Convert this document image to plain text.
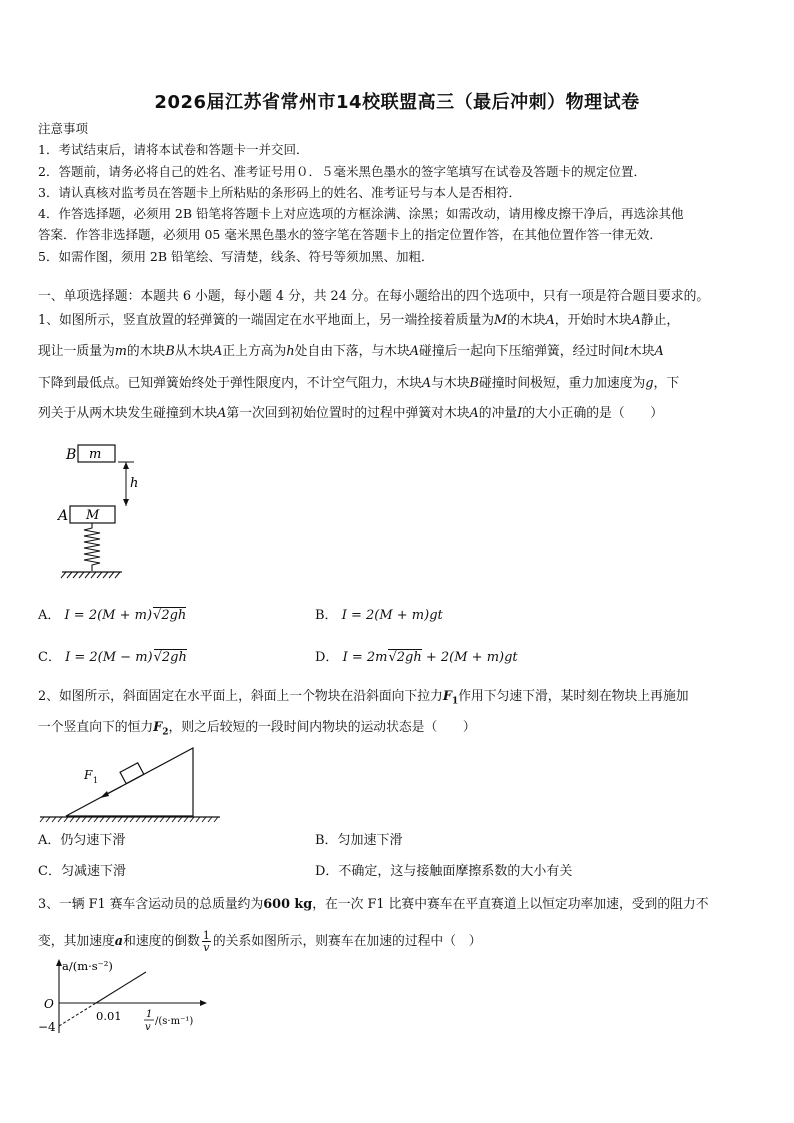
2026届江苏省常州市14校联盟高三（最后冲刺）物理试卷
注意事项
1．考试结束后，请将本试卷和答题卡一并交回．
2．答题前，请务必将自己的姓名、准考证号用０．５毫米黑色墨水的签字笔填写在试卷及答题卡的规定位置．
3．请认真核对监考员在答题卡上所粘贴的条形码上的姓名、准考证号与本人是否相符．
4．作答选择题，必须用 2B 铅笔将答题卡上对应选项的方框涂满、涂黑；如需改动，请用橡皮擦干净后，再选涂其他
答案．作答非选择题，必须用 05 毫米黑色墨水的签字笔在答题卡上的指定位置作答，在其他位置作答一律无效．
5．如需作图，须用 2B 铅笔绘、写清楚，线条、符号等须加黑、加粗．
一、单项选择题：本题共 6 小题，每小题 4 分，共 24 分。在每小题给出的四个选项中，只有一项是符合题目要求的。
1、如图所示，竖直放置的轻弹簧的一端固定在水平地面上，另一端拴接着质量为M的木块A，开始时木块A静止，
现让一质量为m的木块B从木块A正上方高为h处自由下落，与木块A碰撞后一起向下压缩弹簧，经过时间t木块A
下降到最低点。已知弹簧始终处于弹性限度内，不计空气阻力，木块A与木块B碰撞时间极短，重力加速度为g，下
列关于从两木块发生碰撞到木块A第一次回到初始位置时的过程中弹簧对木块A的冲量I的大小正确的是（　　）
B m
h
A M
A． I = 2(M + m)√2gh	B． I = 2(M + m)gt
C． I = 2(M − m)√2gh	D． I = 2m√2gh + 2(M + m)gt
2、如图所示，斜面固定在水平面上，斜面上一个物块在沿斜面向下拉力$F_1$作用下匀速下滑，某时刻在物块上再施加
一个竖直向下的恒力$F_2$，则之后较短的一段时间内物块的运动状态是（　　）
F 1
A．仍匀速下滑	B．匀加速下滑
C．匀减速下滑	D．不确定，这与接触面摩擦系数的大小有关
3、一辆 F1 赛车含运动员的总质量约为600 kg，在一次 F1 比赛中赛车在平直赛道上以恒定功率加速，受到的阻力不
变，其加速度a和速度的倒数 $\frac{1}{v}$ 的关系如图所示，则赛车在加速的过程中（　）
a/(m·s⁻²)
O
−4
0.01 1
v
/(s·m⁻¹)
